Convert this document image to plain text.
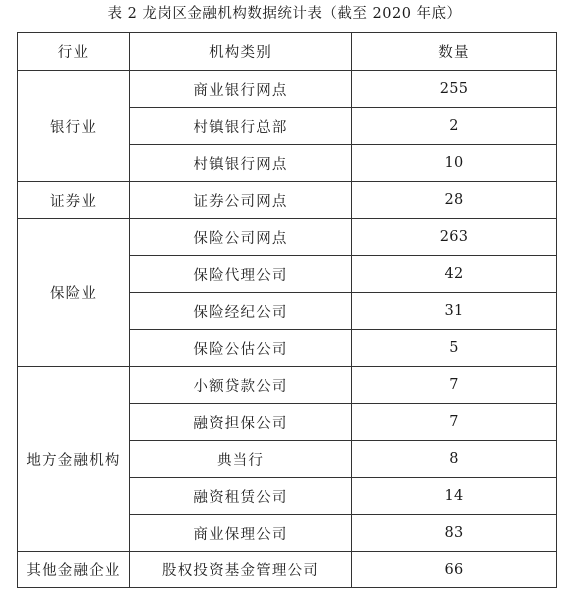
表 2 龙岗区金融机构数据统计表（截至 2020 年底）
行业	机构类别	数量
银行业	商业银行网点	255
	村镇银行总部	2
	村镇银行网点	10
证券业	证券公司网点	28
保险业	保险公司网点	263
	保险代理公司	42
	保险经纪公司	31
	保险公估公司	5
地方金融机构	小额贷款公司	7
	融资担保公司	7
	典当行	8
	融资租赁公司	14
	商业保理公司	83
其他金融企业	股权投资基金管理公司	66
